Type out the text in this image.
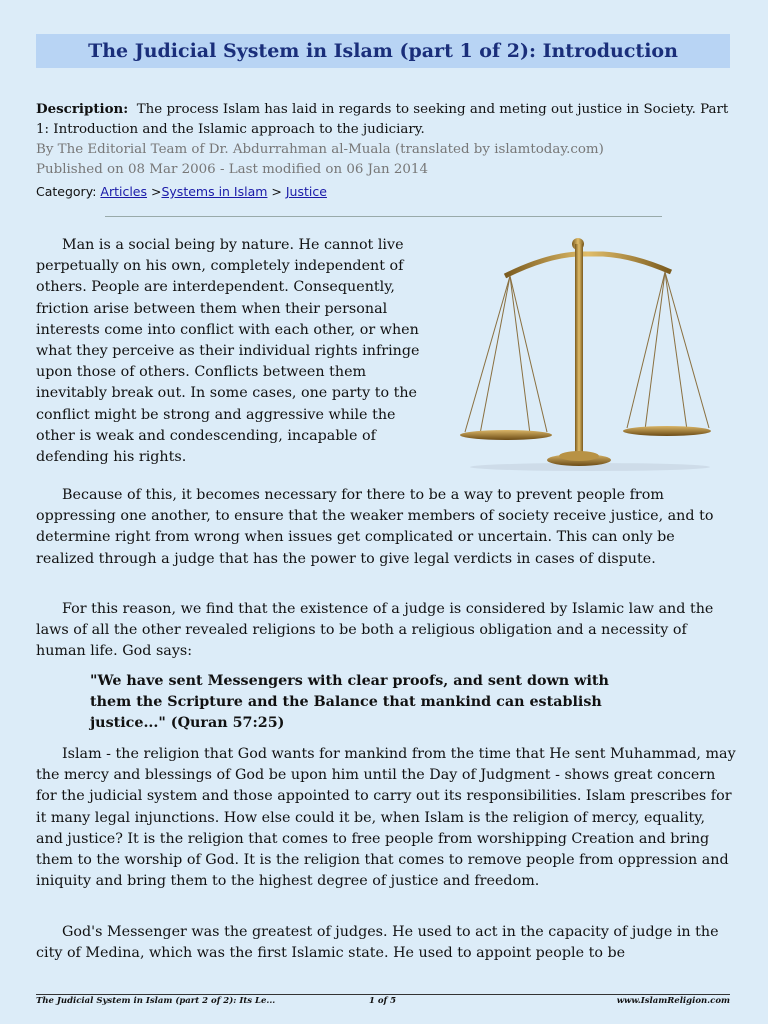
The Judicial System in Islam (part 1 of 2): Introduction
Description: The process Islam has laid in regards to seeking and meting out justice in Society. Part 1: Introduction and the Islamic approach to the judiciary.
By The Editorial Team of Dr. Abdurrahman al-Muala (translated by islamtoday.com)
Published on 08 Mar 2006 - Last modified on 06 Jan 2014
Category: Articles >Systems in Islam > Justice

Man is a social being by nature. He cannot live perpetually on his own, completely independent of others. People are interdependent. Consequently, friction arise between them when their personal interests come into conflict with each other, or when what they perceive as their individual rights infringe upon those of others. Conflicts between them inevitably break out. In some cases, one party to the conflict might be strong and aggressive while the other is weak and condescending, incapable of defending his rights.

Because of this, it becomes necessary for there to be a way to prevent people from oppressing one another, to ensure that the weaker members of society receive justice, and to determine right from wrong when issues get complicated or uncertain. This can only be realized through a judge that has the power to give legal verdicts in cases of dispute.

For this reason, we find that the existence of a judge is considered by Islamic law and the laws of all the other revealed religions to be both a religious obligation and a necessity of human life. God says:

"We have sent Messengers with clear proofs, and sent down with them the Scripture and the Balance that mankind can establish justice..." (Quran 57:25)

Islam - the religion that God wants for mankind from the time that He sent Muhammad, may the mercy and blessings of God be upon him until the Day of Judgment - shows great concern for the judicial system and those appointed to carry out its responsibilities. Islam prescribes for it many legal injunctions. How else could it be, when Islam is the religion of mercy, equality, and justice? It is the religion that comes to free people from worshipping Creation and bring them to the worship of God. It is the religion that comes to remove people from oppression and iniquity and bring them to the highest degree of justice and freedom.

God's Messenger was the greatest of judges. He used to act in the capacity of judge in the city of Medina, which was the first Islamic state. He used to appoint people to be

The Judicial System in Islam (part 2 of 2): Its Le...	1 of 5	www.IslamReligion.com
